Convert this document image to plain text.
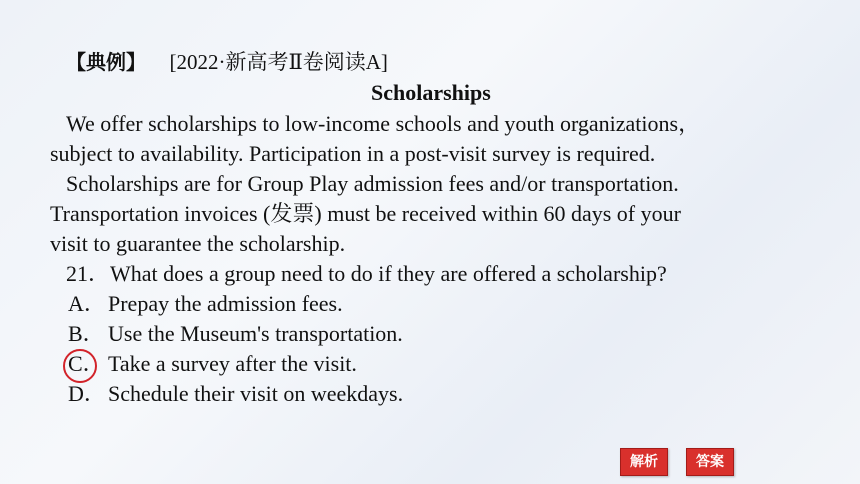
【典例】 [2022·新高考Ⅱ卷阅读A]
Scholarships
We offer scholarships to low-income schools and youth organizations，
subject to availability. Participation in a post-visit survey is required.
Scholarships are for Group Play admission fees and/or transportation.
Transportation invoices (发票) must be received within 60 days of your
visit to guarantee the scholarship.
21．What does a group need to do if they are offered a scholarship?
A．Prepay the admission fees.
B． Use the Museum's transportation.
C． Take a survey after the visit.
D．Schedule their visit on weekdays.
解析	答案
